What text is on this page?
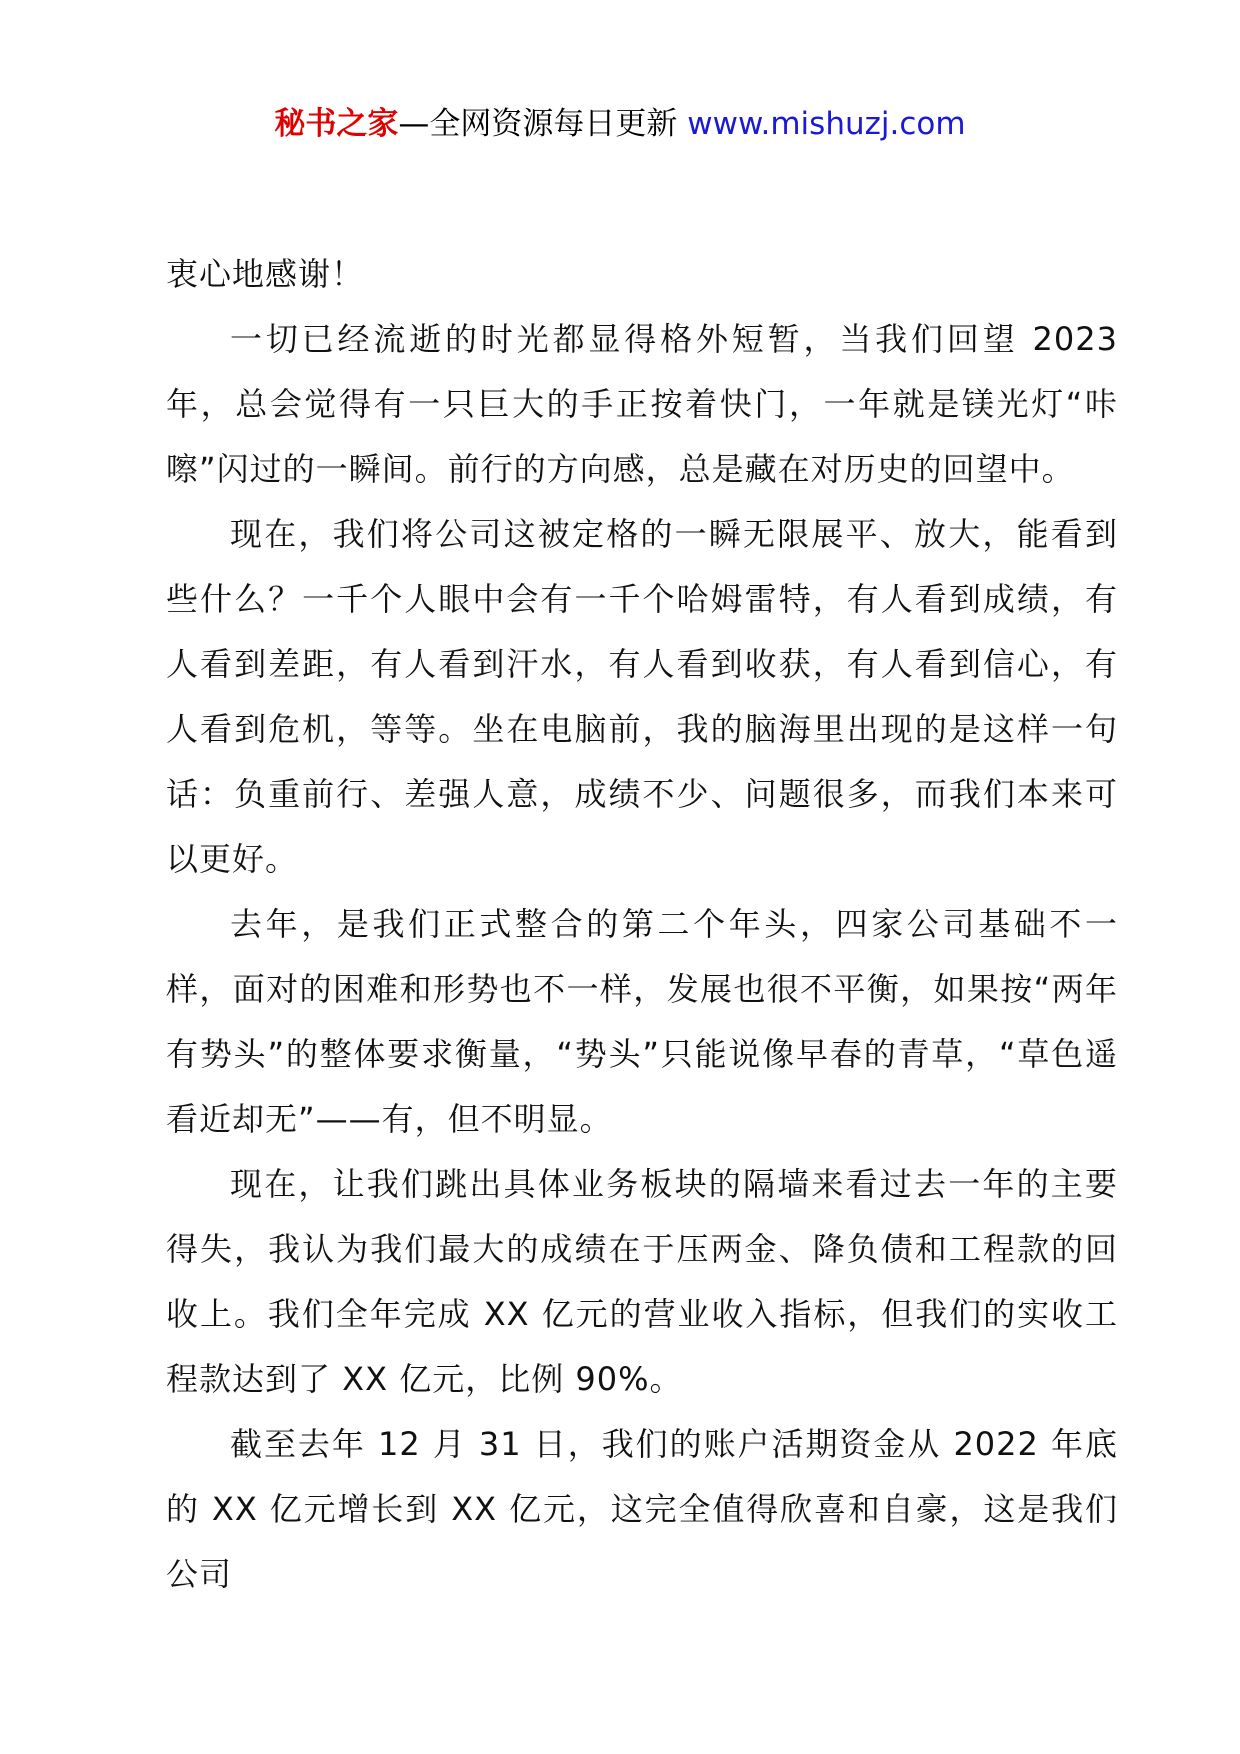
秘书之家—全网资源每日更新 www.mishuzj.com

衷心地感谢！

一切已经流逝的时光都显得格外短暂，当我们回望 2023 年，总会觉得有一只巨大的手正按着快门，一年就是镁光灯“咔嚓”闪过的一瞬间。前行的方向感，总是藏在对历史的回望中。

现在，我们将公司这被定格的一瞬无限展平、放大，能看到些什么？一千个人眼中会有一千个哈姆雷特，有人看到成绩，有人看到差距，有人看到汗水，有人看到收获，有人看到信心，有人看到危机，等等。坐在电脑前，我的脑海里出现的是这样一句话：负重前行、差强人意，成绩不少、问题很多，而我们本来可以更好。

去年，是我们正式整合的第二个年头，四家公司基础不一样，面对的困难和形势也不一样，发展也很不平衡，如果按“两年有势头”的整体要求衡量，“势头”只能说像早春的青草，“草色遥看近却无”——有，但不明显。

现在，让我们跳出具体业务板块的隔墙来看过去一年的主要得失，我认为我们最大的成绩在于压两金、降负债和工程款的回收上。我们全年完成 XX 亿元的营业收入指标，但我们的实收工程款达到了 XX 亿元，比例 90%。

截至去年 12 月 31 日，我们的账户活期资金从 2022 年底的 XX 亿元增长到 XX 亿元，这完全值得欣喜和自豪，这是我们公司
